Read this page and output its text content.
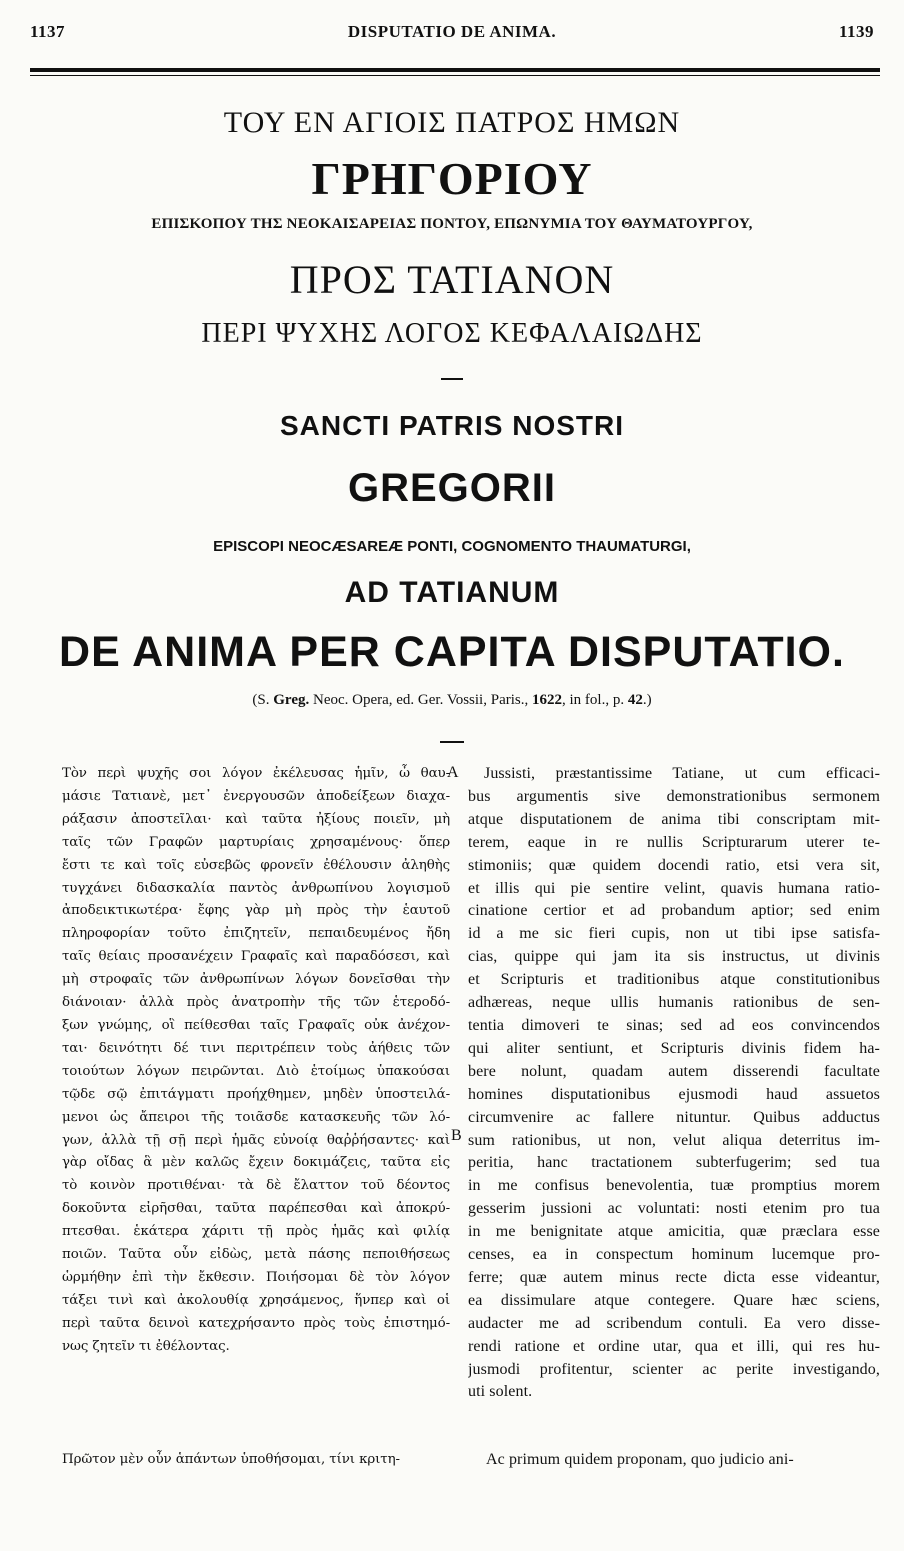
1137	DISPUTATIO DE ANIMA.	1139
ΤΟΥ ΕΝ ΑΓΙΟΙΣ ΠΑΤΡΟΣ ΗΜΩΝ
ΓΡΗΓΟΡΙΟΥ
ΕΠΙΣΚΟΠΟΥ ΤΗΣ ΝΕΟΚΑΙΣΑΡΕΙΑΣ ΠΟΝΤΟΥ, ΕΠΩΝΥΜΙΑ ΤΟΥ ΘΑΥΜΑΤΟΥΡΓΟΥ,
ΠΡΟΣ ΤΑΤΙΑΝΟΝ
ΠΕΡΙ ΨΥΧΗΣ ΛΟΓΟΣ ΚΕΦΑΛΑΙΩΔΗΣ
SANCTI PATRIS NOSTRI
GREGORII
EPISCOPI NEOCÆSAREÆ PONTI, COGNOMENTO THAUMATURGI,
AD TATIANUM
DE ANIMA PER CAPITA DISPUTATIO.
(S. Greg. Neoc. Opera, ed. Ger. Vossii, Paris., 1622, in fol., p. 42.)
A
B
Τὸν περὶ ψυχῆς σοι λόγον ἐκέλευσας ἡμῖν, ὦ θαυ-
μάσιε Τατιανὲ, μετ᾽ ἐνεργουσῶν ἀποδείξεων διαχα-
ράξασιν ἀποστεῖλαι· καὶ ταῦτα ἠξίους ποιεῖν, μὴ
ταῖς τῶν Γραφῶν μαρτυρίαις χρησαμένους· ὅπερ
ἔστι τε καὶ τοῖς εὐσεβῶς φρονεῖν ἐθέλουσιν ἀληθὴς
τυγχάνει διδασκαλία παντὸς ἀνθρωπίνου λογισμοῦ
ἀποδεικτικωτέρα· ἔφης γὰρ μὴ πρὸς τὴν ἑαυτοῦ
πληροφορίαν τοῦτο ἐπιζητεῖν, πεπαιδευμένος ἤδη
ταῖς θείαις προσανέχειν Γραφαῖς καὶ παραδόσεσι, καὶ
μὴ στροφαῖς τῶν ἀνθρωπίνων λόγων δονεῖσθαι τὴν
διάνοιαν· ἀλλὰ πρὸς ἀνατροπὴν τῆς τῶν ἑτεροδό-
ξων γνώμης, οἳ πείθεσθαι ταῖς Γραφαῖς οὐκ ἀνέχον-
ται· δεινότητι δέ τινι περιτρέπειν τοὺς ἀήθεις τῶν
τοιούτων λόγων πειρῶνται. Διὸ ἑτοίμως ὑπακούσαι
τῷδε σῷ ἐπιτάγματι προήχθημεν, μηδὲν ὑποστειλά-
μενοι ὡς ἄπειροι τῆς τοιᾶσδε κατασκευῆς τῶν λό-
γων, ἀλλὰ τῇ σῇ περὶ ἡμᾶς εὐνοίᾳ θαῤῥήσαντες· καὶ
γὰρ οἴδας ἃ μὲν καλῶς ἔχειν δοκιμάζεις, ταῦτα εἰς
τὸ κοινὸν προτιθέναι· τὰ δὲ ἔλαττον τοῦ δέοντος
δοκοῦντα εἰρῆσθαι, ταῦτα παρέπεσθαι καὶ ἀποκρύ-
πτεσθαι. ἑκάτερα χάριτι τῇ πρὸς ἡμᾶς καὶ φιλίᾳ
ποιῶν. Ταῦτα οὖν εἰδὼς, μετὰ πάσης πεποιθήσεως
ὡρμήθην ἐπὶ τὴν ἔκθεσιν. Ποιήσομαι δὲ τὸν λόγον
τάξει τινὶ καὶ ἀκολουθίᾳ χρησάμενος, ἥνπερ καὶ οἱ
περὶ ταῦτα δεινοὶ κατεχρήσαντο πρὸς τοὺς ἐπιστημό-
νως ζητεῖν τι ἐθέλοντας.
Πρῶτον μὲν οὖν ἁπάντων ὑποθήσομαι, τίνι κριτη-
Jussisti, præstantissime Tatiane, ut cum efficaci-
bus argumentis sive demonstrationibus sermonem
atque disputationem de anima tibi conscriptam mit-
terem, eaque in re nullis Scripturarum uterer te-
stimoniis; quæ quidem docendi ratio, etsi vera sit,
et illis qui pie sentire velint, quavis humana ratio-
cinatione certior et ad probandum aptior; sed enim
id a me sic fieri cupis, non ut tibi ipse satisfa-
cias, quippe qui jam ita sis instructus, ut divinis
et Scripturis et traditionibus atque constitutionibus
adhæreas, neque ullis humanis rationibus de sen-
tentia dimoveri te sinas; sed ad eos convincendos
qui aliter sentiunt, et Scripturis divinis fidem ha-
bere nolunt, quadam autem disserendi facultate
homines disputationibus ejusmodi haud assuetos
circumvenire ac fallere nituntur. Quibus adductus
sum rationibus, ut non, velut aliqua deterritus im-
peritia, hanc tractationem subterfugerim; sed tua
in me confisus benevolentia, tuæ promptius morem
gesserim jussioni ac voluntati: nosti etenim pro tua
in me benignitate atque amicitia, quæ præclara esse
censes, ea in conspectum hominum lucemque pro-
ferre; quæ autem minus recte dicta esse videantur,
ea dissimulare atque contegere. Quare hæc sciens,
audacter me ad scribendum contuli. Ea vero disse-
rendi ratione et ordine utar, qua et illi, qui res hu-
jusmodi profitentur, scienter ac perite investigando,
uti solent.
Ac primum quidem proponam, quo judicio ani-
